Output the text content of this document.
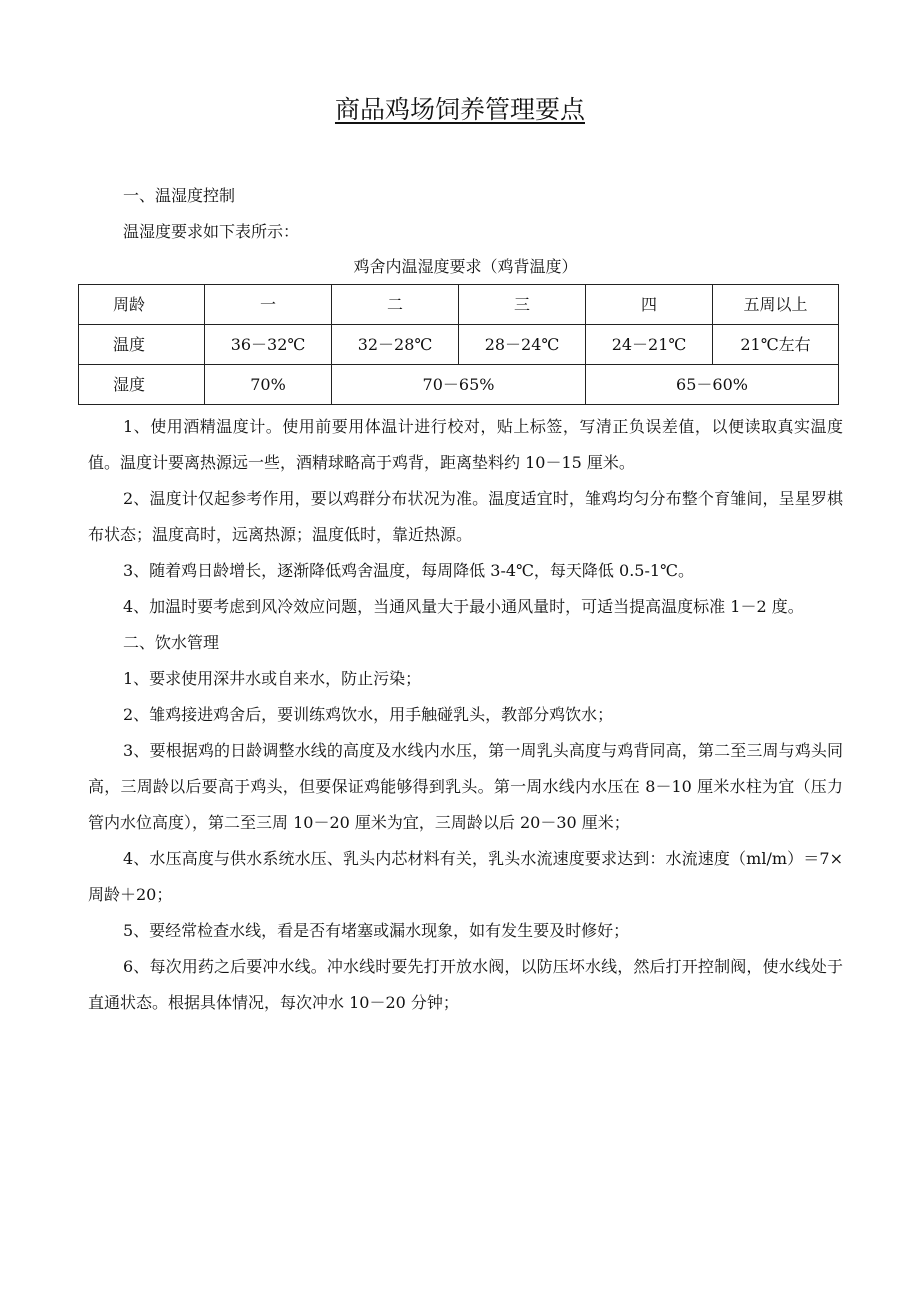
商品鸡场饲养管理要点

一、温湿度控制

温湿度要求如下表所示：

鸡舍内温湿度要求（鸡背温度）

周龄	一	二	三	四	五周以上
温度	36－32℃	32－28℃	28－24℃	24－21℃	21℃左右
湿度	70%	70－65%		65－60%	

1、使用酒精温度计。使用前要用体温计进行校对，贴上标签，写清正负误差值，以便读取真实温度值。温度计要离热源远一些，酒精球略高于鸡背，距离垫料约 10－15 厘米。

2、温度计仅起参考作用，要以鸡群分布状况为准。温度适宜时，雏鸡均匀分布整个育雏间，呈星罗棋布状态；温度高时，远离热源；温度低时，靠近热源。

3、随着鸡日龄增长，逐渐降低鸡舍温度，每周降低 3-4℃，每天降低 0.5-1℃。

4、加温时要考虑到风冷效应问题，当通风量大于最小通风量时，可适当提高温度标准 1－2 度。

二、饮水管理

1、要求使用深井水或自来水，防止污染；

2、雏鸡接进鸡舍后，要训练鸡饮水，用手触碰乳头，教部分鸡饮水；

3、要根据鸡的日龄调整水线的高度及水线内水压，第一周乳头高度与鸡背同高，第二至三周与鸡头同高，三周龄以后要高于鸡头，但要保证鸡能够得到乳头。第一周水线内水压在 8－10 厘米水柱为宜（压力管内水位高度），第二至三周 10－20 厘米为宜，三周龄以后 20－30 厘米；

4、水压高度与供水系统水压、乳头内芯材料有关，乳头水流速度要求达到：水流速度（ml/m）＝7×周龄＋20；

5、要经常检查水线，看是否有堵塞或漏水现象，如有发生要及时修好；

6、每次用药之后要冲水线。冲水线时要先打开放水阀，以防压坏水线，然后打开控制阀，使水线处于直通状态。根据具体情况，每次冲水 10－20 分钟；
